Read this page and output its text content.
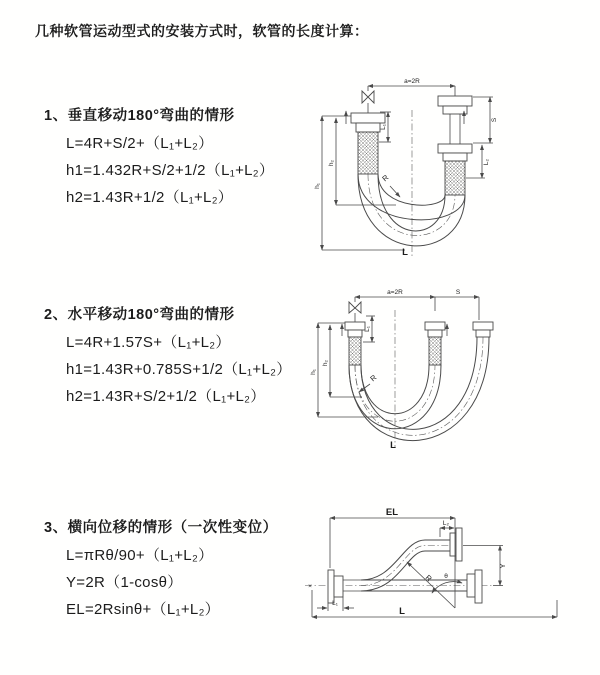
几种软管运动型式的安装方式时，软管的长度计算：
1、垂直移动180°弯曲的情形
L=4R+S/2+（L₁+L₂）
h1=1.432R+S/2+1/2（L₁+L₂）
h2=1.43R+1/2（L₁+L₂）
2、水平移动180°弯曲的情形
L=4R+1.57S+（L₁+L₂）
h1=1.43R+0.785S+1/2（L₁+L₂）
h2=1.43R+S/2+1/2（L₁+L₂）
3、横向位移的情形（一次性变位）
L=πRθ/90+（L₁+L₂）
Y=2R（1-cosθ）
EL=2Rsinθ+（L₁+L₂）
a=2R
L₁
S
L₂
h₁
h₂
R
L
a=2R	S
L₁
h₁
h₂
R
L
×
EL
L₂
Y
R θ
L₁
L
